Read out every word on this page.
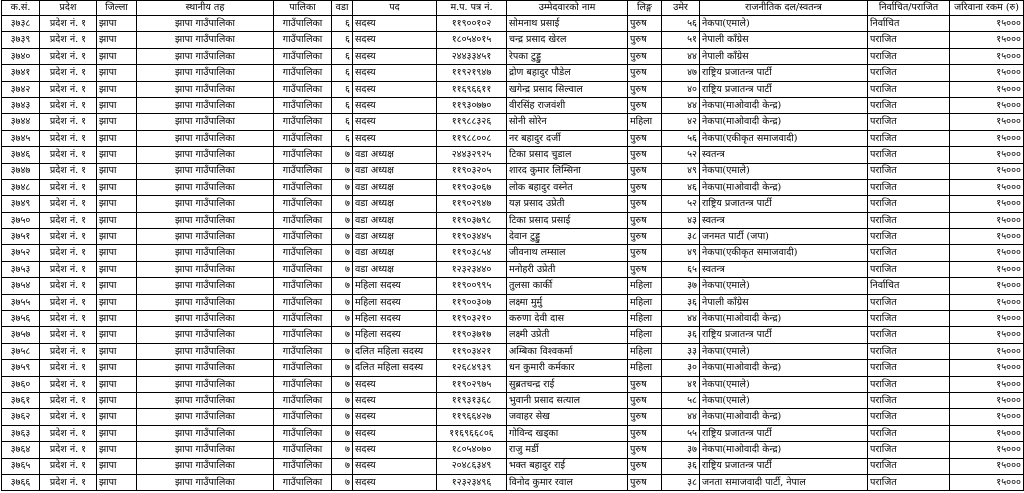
क.सं.	प्रदेश	जिल्ला	स्थानीय तह	पालिका	वडा	पद	म.प. पत्र नं.	उम्मेदवारको नाम	लिङ्ग	उमेर	राजनीतिक दल/स्वतन्त्र	निर्वाचित/पराजित	जरिवाना रकम (रु)
३७३८	प्रदेश नं. १	झापा	झापा गाउँपालिका	गाउँपालिका	६	सदस्य	११९००१०२	सोमनाथ प्रसाई	पुरुष	५६	नेकपा(एमाले)	निर्वाचित	१५०००
३७३९	प्रदेश नं. १	झापा	झापा गाउँपालिका	गाउँपालिका	६	सदस्य	१८०५४०१५	चन्द्र प्रसाद खेरल	पुरुष	५१	नेपाली काँग्रेस	पराजित	१५०००
३७४०	प्रदेश नं. १	झापा	झापा गाउँपालिका	गाउँपालिका	६	सदस्य	२४४३३४५१	रेपका टुड्डु	पुरुष	४४	नेपाली काँग्रेस	पराजित	१५०००
३७४१	प्रदेश नं. १	झापा	झापा गाउँपालिका	गाउँपालिका	६	सदस्य	११९२१९४७	द्रोण बहादुर पौडेल	पुरुष	४७	राष्ट्रिय प्रजातन्त्र पार्टी	पराजित	१५०००
३७४२	प्रदेश नं. १	झापा	झापा गाउँपालिका	गाउँपालिका	६	सदस्य	११६९६६११	खगेन्द्र प्रसाद सिल्वाल	पुरुष	४०	राष्ट्रिय प्रजातन्त्र पार्टी	पराजित	१५०००
३७४३	प्रदेश नं. १	झापा	झापा गाउँपालिका	गाउँपालिका	६	सदस्य	११९३०७७०	वीरसिंह राजवंशी	पुरुष	४४	नेकपा(माओवादी केन्द्र)	पराजित	१५०००
३७४४	प्रदेश नं. १	झापा	झापा गाउँपालिका	गाउँपालिका	६	सदस्य	११९८८३२६	सोनी सोरेन	महिला	४२	नेकपा(माओवादी केन्द्र)	पराजित	१५०००
३७४५	प्रदेश नं. १	झापा	झापा गाउँपालिका	गाउँपालिका	६	सदस्य	११९८८००८	नर बहादुर दर्जी	पुरुष	५६	नेकपा(एकीकृत समाजवादी)	पराजित	१५०००
३७४६	प्रदेश नं. १	झापा	झापा गाउँपालिका	गाउँपालिका	७	वडा अध्यक्ष	२४४३२९२५	टिका प्रसाद चुडाल	पुरुष	५२	स्वतन्त्र	पराजित	१५०००
३७४७	प्रदेश नं. १	झापा	झापा गाउँपालिका	गाउँपालिका	७	वडा अध्यक्ष	११९०३२०५	शारद कुमार लिम्सिना	पुरुष	४९	नेकपा(एमाले)	पराजित	१५०००
३७४८	प्रदेश नं. १	झापा	झापा गाउँपालिका	गाउँपालिका	७	वडा अध्यक्ष	११९०३०६७	लोक बहादुर वस्नेत	पुरुष	४६	नेकपा(माओवादी केन्द्र)	पराजित	१५०००
३७४९	प्रदेश नं. १	झापा	झापा गाउँपालिका	गाउँपालिका	७	वडा अध्यक्ष	११९०२९४७	यज्ञ प्रसाद उप्रेती	पुरुष	५२	राष्ट्रिय प्रजातन्त्र पार्टी	पराजित	१५०००
३७५०	प्रदेश नं. १	झापा	झापा गाउँपालिका	गाउँपालिका	७	वडा अध्यक्ष	११९०३७९८	टिका प्रसाद प्रसाई	पुरुष	४३	स्वतन्त्र	पराजित	१५०००
३७५१	प्रदेश नं. १	झापा	झापा गाउँपालिका	गाउँपालिका	७	वडा अध्यक्ष	११९०३४४५	देवान टुड्डु	पुरुष	३८	जनमत पार्टी (जपा)	पराजित	१५०००
३७५२	प्रदेश नं. १	झापा	झापा गाउँपालिका	गाउँपालिका	७	वडा अध्यक्ष	११९०३८५४	जीवनाथ लम्साल	पुरुष	४९	नेकपा(एकीकृत समाजवादी)	पराजित	१५०००
३७५३	प्रदेश नं. १	झापा	झापा गाउँपालिका	गाउँपालिका	७	वडा अध्यक्ष	१२३२३४४०	मनोहरी उप्रेती	पुरुष	६५	स्वतन्त्र	पराजित	१५०००
३७५४	प्रदेश नं. १	झापा	झापा गाउँपालिका	गाउँपालिका	७	महिला सदस्य	११९००९९५	तुलसा कार्की	महिला	३७	नेकपा(एमाले)	निर्वाचित	१५०००
३७५५	प्रदेश नं. १	झापा	झापा गाउँपालिका	गाउँपालिका	७	महिला सदस्य	११९००३०७	लक्ष्मा मुर्मु	महिला	३६	नेपाली काँग्रेस	पराजित	१५०००
३७५६	प्रदेश नं. १	झापा	झापा गाउँपालिका	गाउँपालिका	७	महिला सदस्य	११९०३२१०	करुणा देवी दास	महिला	४४	नेकपा(माओवादी केन्द्र)	पराजित	१५०००
३७५७	प्रदेश नं. १	झापा	झापा गाउँपालिका	गाउँपालिका	७	महिला सदस्य	११९०३७१७	लक्ष्मी उप्रेती	महिला	३६	राष्ट्रिय प्रजातन्त्र पार्टी	पराजित	१५०००
३७५८	प्रदेश नं. १	झापा	झापा गाउँपालिका	गाउँपालिका	७	दलित महिला सदस्य	११९०३४२१	अम्बिका विश्वकर्मा	महिला	३३	नेकपा(एमाले)	पराजित	१५०००
३७५९	प्रदेश नं. १	झापा	झापा गाउँपालिका	गाउँपालिका	७	दलित महिला सदस्य	१२६८४९३९	धन कुमारी कर्मकार	महिला	३०	नेकपा(माओवादी केन्द्र)	पराजित	१५०००
३७६०	प्रदेश नं. १	झापा	झापा गाउँपालिका	गाउँपालिका	७	सदस्य	११९०२९७५	सुब्रतचन्द्र राई	पुरुष	४१	नेकपा(एमाले)	पराजित	१५०००
३७६१	प्रदेश नं. १	झापा	झापा गाउँपालिका	गाउँपालिका	७	सदस्य	११९३१३६८	भुवानी प्रसाद सत्याल	पुरुष	५८	नेकपा(एमाले)	पराजित	१५०००
३७६२	प्रदेश नं. १	झापा	झापा गाउँपालिका	गाउँपालिका	७	सदस्य	११९६६४२७	जवाहर सेख	पुरुष	४४	नेकपा(माओवादी केन्द्र)	पराजित	१५०००
३७६३	प्रदेश नं. १	झापा	झापा गाउँपालिका	गाउँपालिका	७	सदस्य	११६९६६८०६	गोविन्द खड्का	पुरुष	५५	राष्ट्रिय प्रजातन्त्र पार्टी	पराजित	१५०००
३७६४	प्रदेश नं. १	झापा	झापा गाउँपालिका	गाउँपालिका	७	सदस्य	१८०५४०७०	राजु मर्डी	पुरुष	३७	नेकपा(माओवादी केन्द्र)	पराजित	१५०००
३७६५	प्रदेश नं. १	झापा	झापा गाउँपालिका	गाउँपालिका	७	सदस्य	२०४८६३४९	भक्त बहादुर राई	पुरुष	३६	राष्ट्रिय प्रजातन्त्र पार्टी	पराजित	१५०००
३७६६	प्रदेश नं. १	झापा	झापा गाउँपालिका	गाउँपालिका	७	सदस्य	१२३२३४९६	विनोद कुमार रवाल	पुरुष	३८	जनता समाजवादी पार्टी, नेपाल	पराजित	१५०००
